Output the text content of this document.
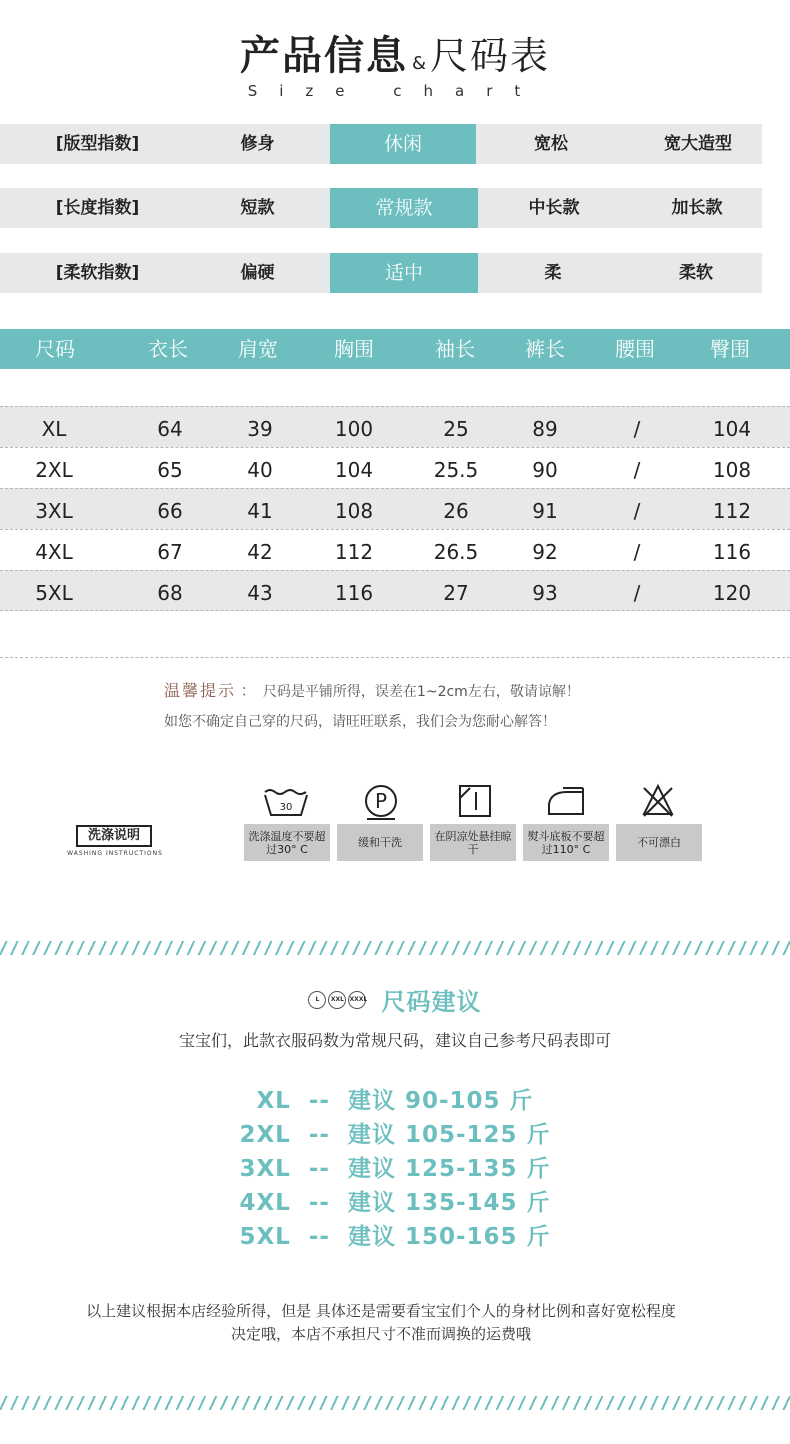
产品信息 & 尺码表
Size chart
[版型指数]	修身	休闲	宽松	宽大造型
[长度指数]	短款	常规款	中长款	加长款
[柔软指数]	偏硬	适中	柔	柔软
尺码	衣长	肩宽	胸围	袖长	裤长	腰围	臀围
XL	64	39	100	25	89	/	104
2XL	65	40	104	25.5	90	/	108
3XL	66	41	108	26	91	/	112
4XL	67	42	112	26.5	92	/	116
5XL	68	43	116	27	93	/	120
温馨提示 ： 尺码是平铺所得，误差在1~2cm左右，敬请谅解！
如您不确定自己穿的尺码，请旺旺联系，我们会为您耐心解答！
洗涤说明
WASHING INSTRUCTIONS
30
洗涤温度不要超过30° C
P
缓和干洗	在阴凉处悬挂晾干
熨斗底板不要超过110° C	不可漂白
L XXL XXXL 尺码建议
宝宝们，此款衣服码数为常规尺码，建议自己参考尺码表即可
XL  --  建议 90-105 斤
2XL  --  建议 105-125 斤
3XL  --  建议 125-135 斤
4XL  --  建议 135-145 斤
5XL  --  建议 150-165 斤
以上建议根据本店经验所得，但是 具体还是需要看宝宝们个人的身材比例和喜好宽松程度
决定哦，本店不承担尺寸不准而调换的运费哦
